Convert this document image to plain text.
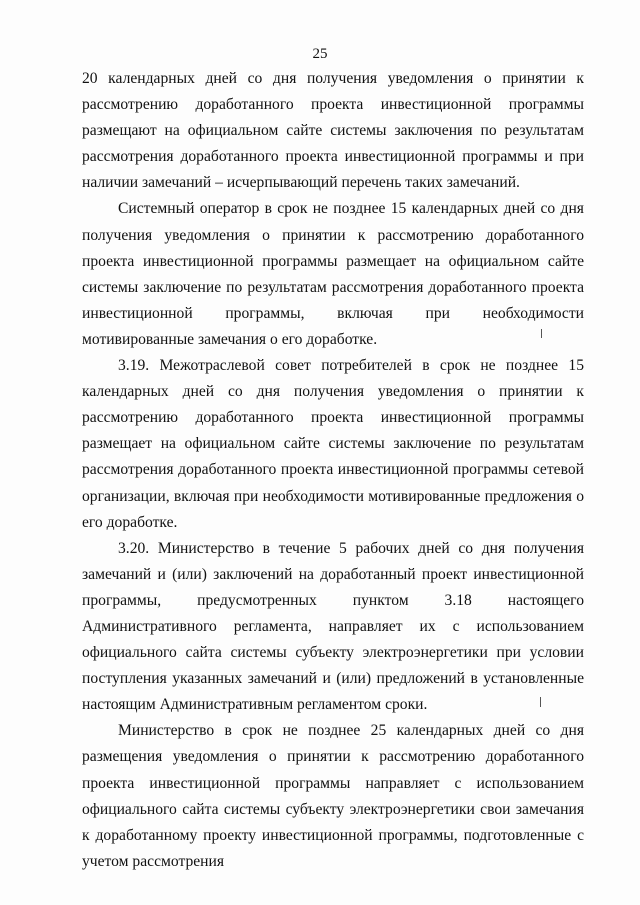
25

20 календарных дней со дня получения уведомления о принятии к рассмотрению доработанного проекта инвестиционной программы размещают на официальном сайте системы заключения по результатам рассмотрения доработанного проекта инвестиционной программы и при наличии замечаний – исчерпывающий перечень таких замечаний.

Системный оператор в срок не позднее 15 календарных дней со дня получения уведомления о принятии к рассмотрению доработанного проекта инвестиционной программы размещает на официальном сайте системы заключение по результатам рассмотрения доработанного проекта инвестиционной программы, включая при необходимости мотивированные замечания о его доработке.

3.19. Межотраслевой совет потребителей в срок не позднее 15 календарных дней со дня получения уведомления о принятии к рассмотрению доработанного проекта инвестиционной программы размещает на официальном сайте системы заключение по результатам рассмотрения доработанного проекта инвестиционной программы сетевой организации, включая при необходимости мотивированные предложения о его доработке.

3.20. Министерство в течение 5 рабочих дней со дня получения замечаний и (или) заключений на доработанный проект инвестиционной программы, предусмотренных пунктом 3.18 настоящего Административного регламента, направляет их с использованием официального сайта системы субъекту электроэнергетики при условии поступления указанных замечаний и (или) предложений в установленные настоящим Административным регламентом сроки.

Министерство в срок не позднее 25 календарных дней со дня размещения уведомления о принятии к рассмотрению доработанного проекта инвестиционной программы направляет с использованием официального сайта системы субъекту электроэнергетики свои замечания к доработанному проекту инвестиционной программы, подготовленные с учетом рассмотрения
